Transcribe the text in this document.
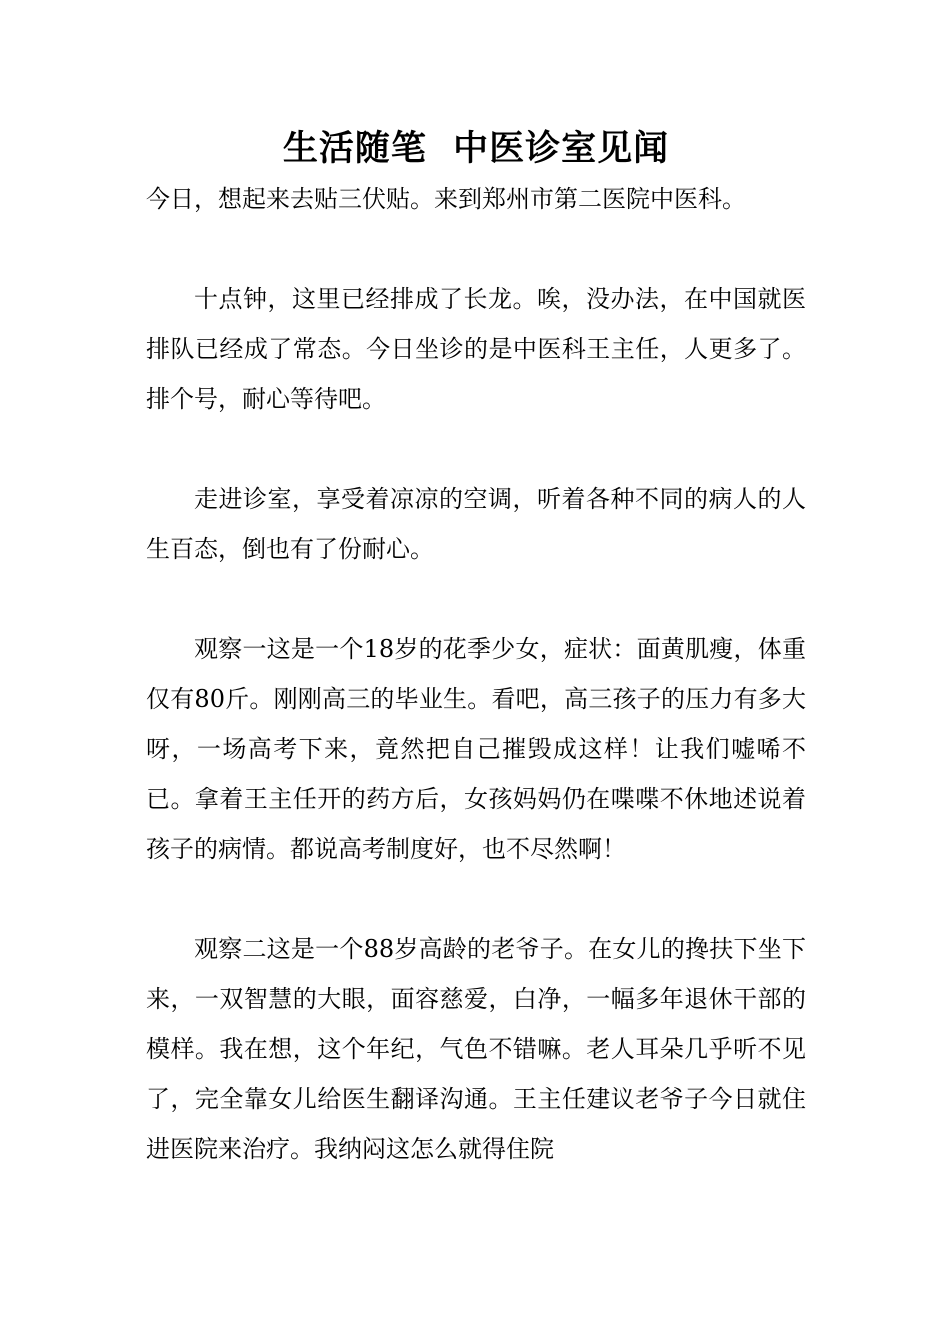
生活随笔  中医诊室见闻

今日，想起来去贴三伏贴。来到郑州市第二医院中医科。

十点钟，这里已经排成了长龙。唉，没办法，在中国就医排队已经成了常态。今日坐诊的是中医科王主任，人更多了。排个号，耐心等待吧。

走进诊室，享受着凉凉的空调，听着各种不同的病人的人生百态，倒也有了份耐心。

观察一这是一个18岁的花季少女，症状：面黄肌瘦，体重仅有80斤。刚刚高三的毕业生。看吧，高三孩子的压力有多大呀，一场高考下来，竟然把自己摧毁成这样！让我们嘘唏不已。拿着王主任开的药方后，女孩妈妈仍在喋喋不休地述说着孩子的病情。都说高考制度好，也不尽然啊！

观察二这是一个88岁高龄的老爷子。在女儿的搀扶下坐下来，一双智慧的大眼，面容慈爱，白净，一幅多年退休干部的模样。我在想，这个年纪，气色不错嘛。老人耳朵几乎听不见了，完全靠女儿给医生翻译沟通。王主任建议老爷子今日就住进医院来治疗。我纳闷这怎么就得住院
